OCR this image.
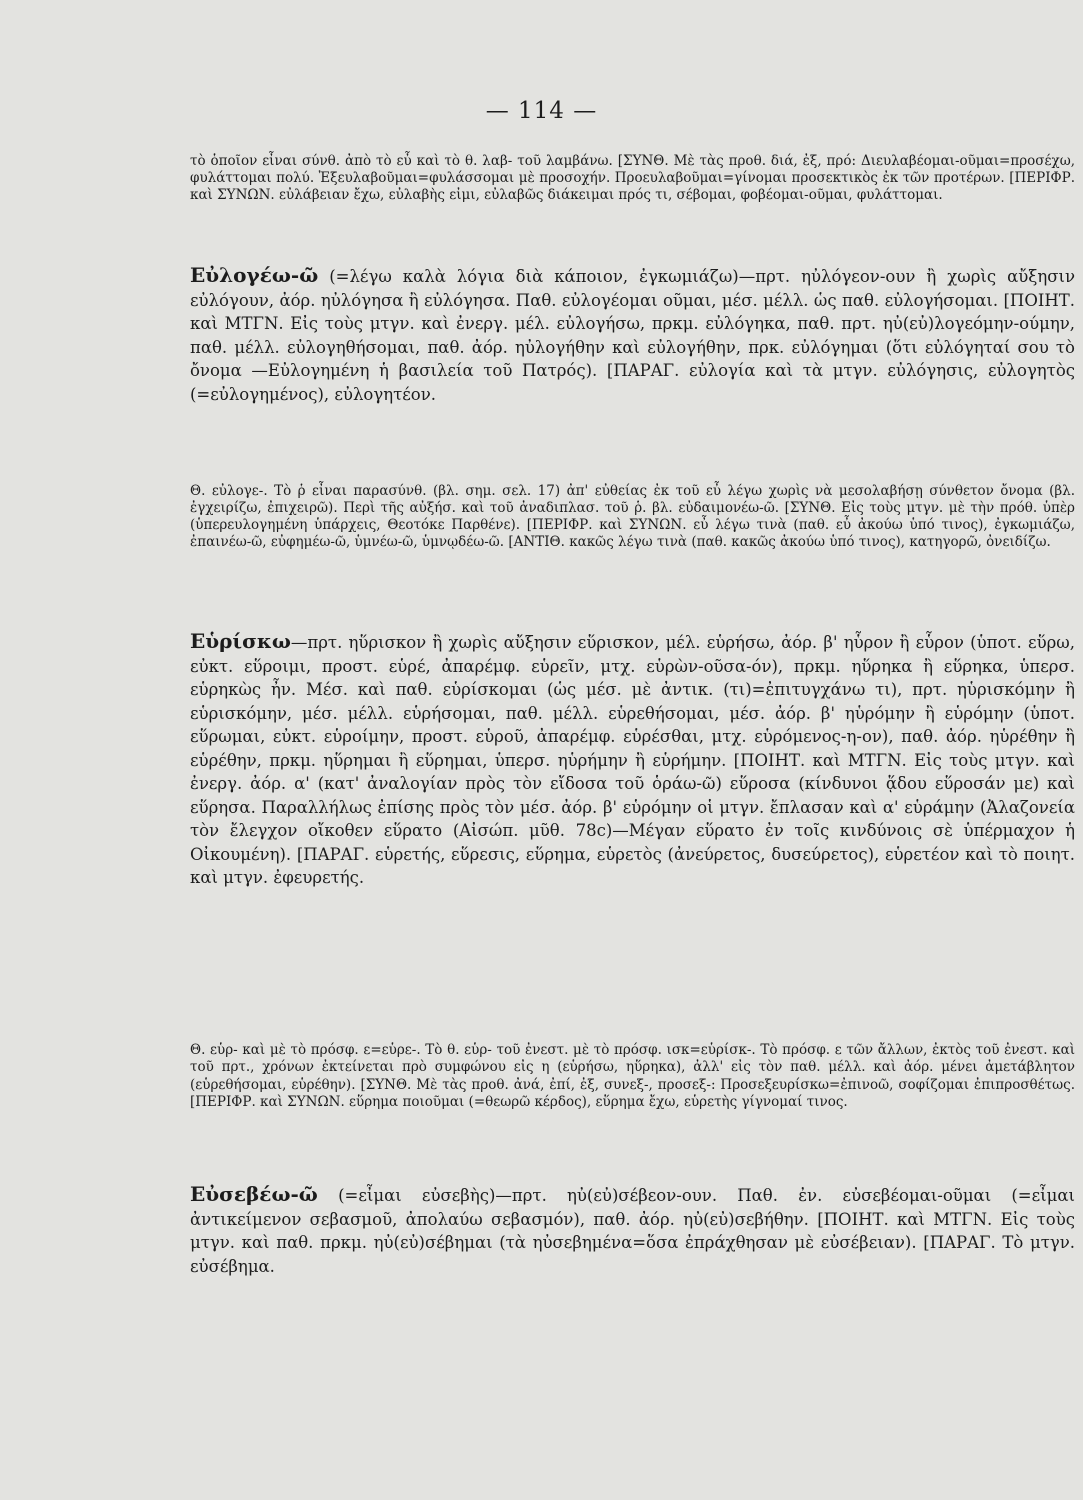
— 114 —

τὸ ὁποῖον εἶναι σύνθ. ἀπὸ τὸ εὖ καὶ τὸ θ. λαβ- τοῦ λαμβάνω. [ΣΥΝΘ. Μὲ τὰς προθ. διά, ἐξ, πρό: Διευλαβέομαι-οῦμαι=προσέχω, φυλάττομαι πολύ. Ἐξευλαβοῦμαι=φυλάσσομαι μὲ προσοχήν. Προευλαβοῦμαι=γίνομαι προσεκτικὸς ἐκ τῶν προτέρων. [ΠΕΡΙΦΡ. καὶ ΣΥΝΩΝ. εὐλάβειαν ἔχω, εὐλαβὴς εἰμι, εὐλαβῶς διάκειμαι πρός τι, σέβομαι, φοβέομαι-οῦμαι, φυλάττομαι.

Εὐλογέω-ῶ (=λέγω καλὰ λόγια διὰ κάποιον, ἐγκωμιάζω)—πρτ. ηὐλόγεον-ουν ἢ χωρὶς αὔξησιν εὐλόγουν, ἀόρ. ηὐλόγησα ἢ εὐλόγησα. Παθ. εὐλογέομαι οῦμαι, μέσ. μέλλ. ὡς παθ. εὐλογήσομαι. [ΠΟΙΗΤ. καὶ ΜΤΓΝ. Εἰς τοὺς μτγν. καὶ ἐνεργ. μέλ. εὐλογήσω, πρκμ. εὐλόγηκα, παθ. πρτ. ηὐ(εὐ)λογεόμην-ούμην, παθ. μέλλ. εὐλογηθήσομαι, παθ. ἀόρ. ηὐλογήθην καὶ εὐλογήθην, πρκ. εὐλόγημαι (ὅτι εὐλόγηταί σου τὸ ὄνομα —Εὐλογημένη ἡ βασιλεία τοῦ Πατρός). [ΠΑΡΑΓ. εὐλογία καὶ τὰ μτγν. εὐλόγησις, εὐλογητὸς (=εὐλογημένος), εὐλογητέον.

Θ. εὐλογε-. Τὸ ῥ εἶναι παρασύνθ. (βλ. σημ. σελ. 17) ἀπ' εὐθείας ἐκ τοῦ εὖ λέγω χωρὶς νὰ μεσολαβήσῃ σύνθετον ὄνομα (βλ. ἐγχειρίζω, ἐπιχειρῶ). Περὶ τῆς αὐξήσ. καὶ τοῦ ἀναδιπλασ. τοῦ ῥ. βλ. εὐδαιμονέω-ῶ. [ΣΥΝΘ. Εἰς τοὺς μτγν. μὲ τὴν πρόθ. ὑπὲρ (ὑπερευλογημένη ὑπάρχεις, Θεοτόκε Παρθένε). [ΠΕΡΙΦΡ. καὶ ΣΥΝΩΝ. εὖ λέγω τινὰ (παθ. εὖ ἀκούω ὑπό τινος), ἐγκωμιάζω, ἐπαινέω-ῶ, εὐφημέω-ῶ, ὑμνέω-ῶ, ὑμνῳδέω-ῶ. [ΑΝΤΙΘ. κακῶς λέγω τινὰ (παθ. κακῶς ἀκούω ὑπό τινος), κατηγορῶ, ὀνειδίζω.

Εὑρίσκω—πρτ. ηὕρισκον ἢ χωρὶς αὔξησιν εὕρισκον, μέλ. εὑρήσω, ἀόρ. β' ηὗρον ἢ εὗρον (ὑποτ. εὕρω, εὐκτ. εὕροιμι, προστ. εὑρέ, ἀπαρέμφ. εὑρεῖν, μτχ. εὑρὼν-οῦσα-όν), πρκμ. ηὕρηκα ἢ εὕρηκα, ὑπερσ. εὑρηκὼς ἦν. Μέσ. καὶ παθ. εὑρίσκομαι (ὡς μέσ. μὲ ἀντικ. (τι)=ἐπιτυγχάνω τι), πρτ. ηὑρισκόμην ἢ εὑρισκόμην, μέσ. μέλλ. εὑρήσομαι, παθ. μέλλ. εὑρεθήσομαι, μέσ. ἀόρ. β' ηὑρόμην ἢ εὑρόμην (ὑποτ. εὕρωμαι, εὐκτ. εὑροίμην, προστ. εὑροῦ, ἀπαρέμφ. εὑρέσθαι, μτχ. εὑρόμενος-η-ον), παθ. ἀόρ. ηὑρέθην ἢ εὑρέθην, πρκμ. ηὕρημαι ἢ εὕρημαι, ὑπερσ. ηὑρήμην ἢ εὑρήμην. [ΠΟΙΗΤ. καὶ ΜΤΓΝ. Εἰς τοὺς μτγν. καὶ ἐνεργ. ἀόρ. α' (κατ' ἀναλογίαν πρὸς τὸν εἴδοσα τοῦ ὁράω-ῶ) εὕροσα (κίνδυνοι ᾅδου εὕροσάν με) καὶ εὕρησα. Παραλλήλως ἐπίσης πρὸς τὸν μέσ. ἀόρ. β' εὑρόμην οἱ μτγν. ἔπλασαν καὶ α' εὑράμην (Ἀλαζονεία τὸν ἔλεγχον οἴκοθεν εὕρατο (Αἰσώπ. μῦθ. 78c)—Μέγαν εὕρατο ἐν τοῖς κινδύνοις σὲ ὑπέρμαχον ἡ Οἰκουμένη). [ΠΑΡΑΓ. εὑρετής, εὕρεσις, εὕρημα, εὑρετὸς (ἀνεύρετος, δυσεύρετος), εὑρετέον καὶ τὸ ποιητ. καὶ μτγν. ἐφευρετής.

Θ. εὑρ- καὶ μὲ τὸ πρόσφ. ε=εὑρε-. Τὸ θ. εὑρ- τοῦ ἐνεστ. μὲ τὸ πρόσφ. ισκ=εὑρίσκ-. Τὸ πρόσφ. ε τῶν ἄλλων, ἐκτὸς τοῦ ἐνεστ. καὶ τοῦ πρτ., χρόνων ἐκτείνεται πρὸ συμφώνου εἰς η (εὑρήσω, ηὕρηκα), ἀλλ' εἰς τὸν παθ. μέλλ. καὶ ἀόρ. μένει ἀμετάβλητον (εὑρεθήσομαι, εὑρέθην). [ΣΥΝΘ. Μὲ τὰς προθ. ἀνά, ἐπί, ἐξ, συνεξ-, προσεξ-: Προσεξευρίσκω=ἐπινοῶ, σοφίζομαι ἐπιπροσθέτως. [ΠΕΡΙΦΡ. καὶ ΣΥΝΩΝ. εὕρημα ποιοῦμαι (=θεωρῶ κέρδος), εὕρημα ἔχω, εὑρετὴς γίγνομαί τινος.

Εὐσεβέω-ῶ (=εἶμαι εὐσεβὴς)—πρτ. ηὐ(εὐ)σέβεον-ουν. Παθ. ἐν. εὐσεβέομαι-οῦμαι (=εἶμαι ἀντικείμενον σεβασμοῦ, ἀπολαύω σεβασμόν), παθ. ἀόρ. ηὐ(εὐ)σεβήθην. [ΠΟΙΗΤ. καὶ ΜΤΓΝ. Εἰς τοὺς μτγν. καὶ παθ. πρκμ. ηὐ(εὐ)σέβημαι (τὰ ηὐσεβημένα=ὅσα ἐπράχθησαν μὲ εὐσέβειαν). [ΠΑΡΑΓ. Τὸ μτγν. εὐσέβημα.
